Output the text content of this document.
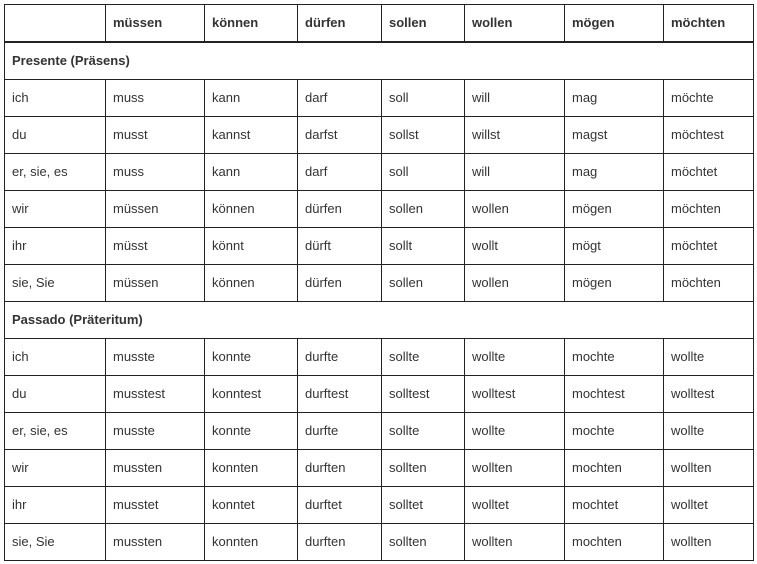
	müssen	können	dürfen	sollen	wollen	mögen	möchten
Presente (Präsens)							
ich	muss	kann	darf	soll	will	mag	möchte
du	musst	kannst	darfst	sollst	willst	magst	möchtest
er, sie, es	muss	kann	darf	soll	will	mag	möchtet
wir	müssen	können	dürfen	sollen	wollen	mögen	möchten
ihr	müsst	könnt	dürft	sollt	wollt	mögt	möchtet
sie, Sie	müssen	können	dürfen	sollen	wollen	mögen	möchten
Passado (Präteritum)							
ich	musste	konnte	durfte	sollte	wollte	mochte	wollte
du	musstest	konntest	durftest	solltest	wolltest	mochtest	wolltest
er, sie, es	musste	konnte	durfte	sollte	wollte	mochte	wollte
wir	mussten	konnten	durften	sollten	wollten	mochten	wollten
ihr	musstet	konntet	durftet	solltet	wolltet	mochtet	wolltet
sie, Sie	mussten	konnten	durften	sollten	wollten	mochten	wollten
